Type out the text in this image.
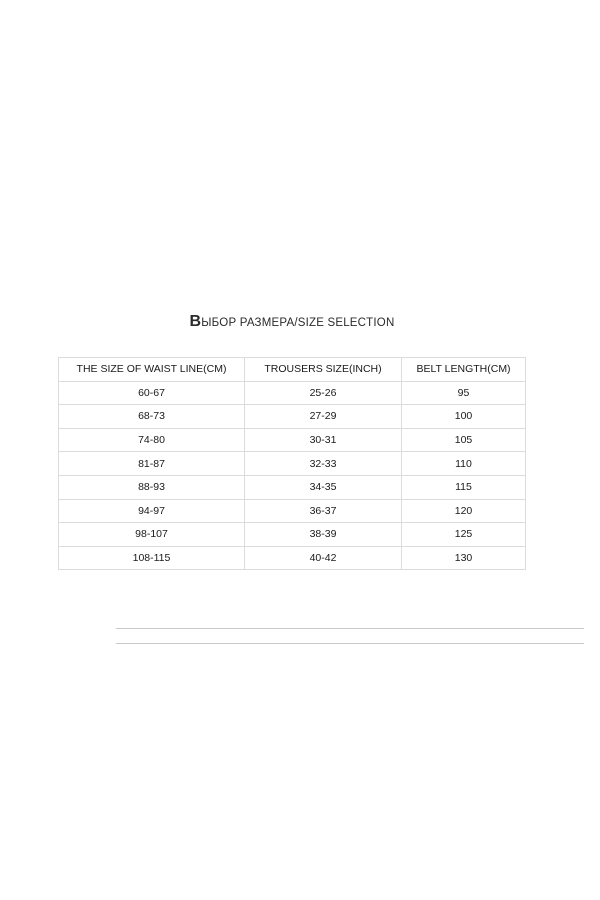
ВЫБОР РАЗМЕРА/SIZE SELECTION
THE SIZE OF WAIST LINE(CM)	TROUSERS SIZE(INCH)	BELT LENGTH(CM)
60-67	25-26	95
68-73	27-29	100
74-80	30-31	105
81-87	32-33	110
88-93	34-35	115
94-97	36-37	120
98-107	38-39	125
108-115	40-42	130
